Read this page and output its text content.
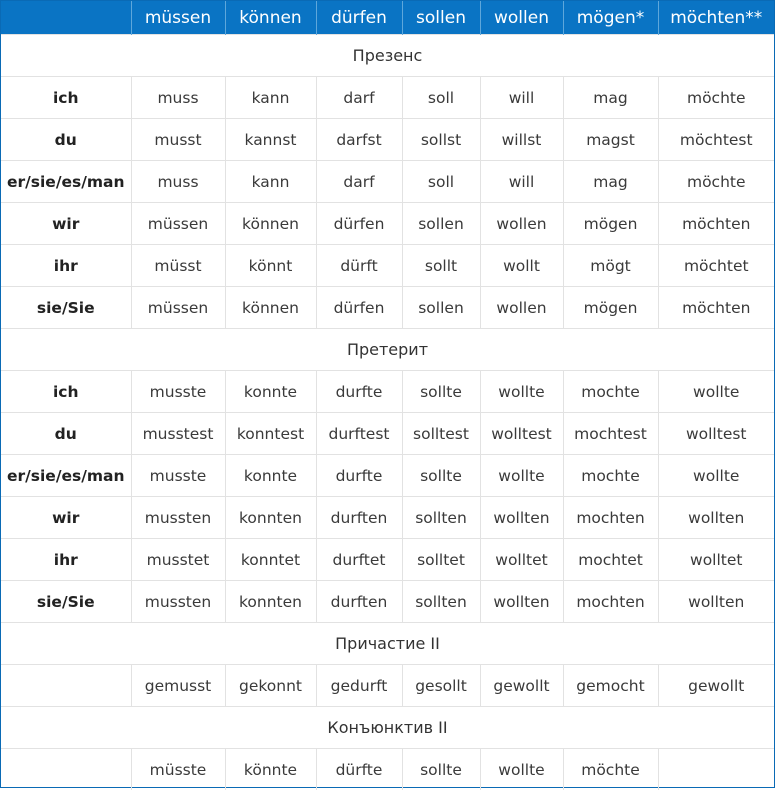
	müssen	können	dürfen	sollen	wollen	mögen*	möchten**
Презенс							
ich	muss	kann	darf	soll	will	mag	möchte
du	musst	kannst	darfst	sollst	willst	magst	möchtest
er/sie/es/man	muss	kann	darf	soll	will	mag	möchte
wir	müssen	können	dürfen	sollen	wollen	mögen	möchten
ihr	müsst	könnt	dürft	sollt	wollt	mögt	möchtet
sie/Sie	müssen	können	dürfen	sollen	wollen	mögen	möchten
Претерит							
ich	musste	konnte	durfte	sollte	wollte	mochte	wollte
du	musstest	konntest	durftest	solltest	wolltest	mochtest	wolltest
er/sie/es/man	musste	konnte	durfte	sollte	wollte	mochte	wollte
wir	mussten	konnten	durften	sollten	wollten	mochten	wollten
ihr	musstet	konntet	durftet	solltet	wolltet	mochtet	wolltet
sie/Sie	mussten	konnten	durften	sollten	wollten	mochten	wollten
Причастие II							
	gemusst	gekonnt	gedurft	gesollt	gewollt	gemocht	gewollt
Конъюнктив II							
	müsste	könnte	dürfte	sollte	wollte	möchte	
